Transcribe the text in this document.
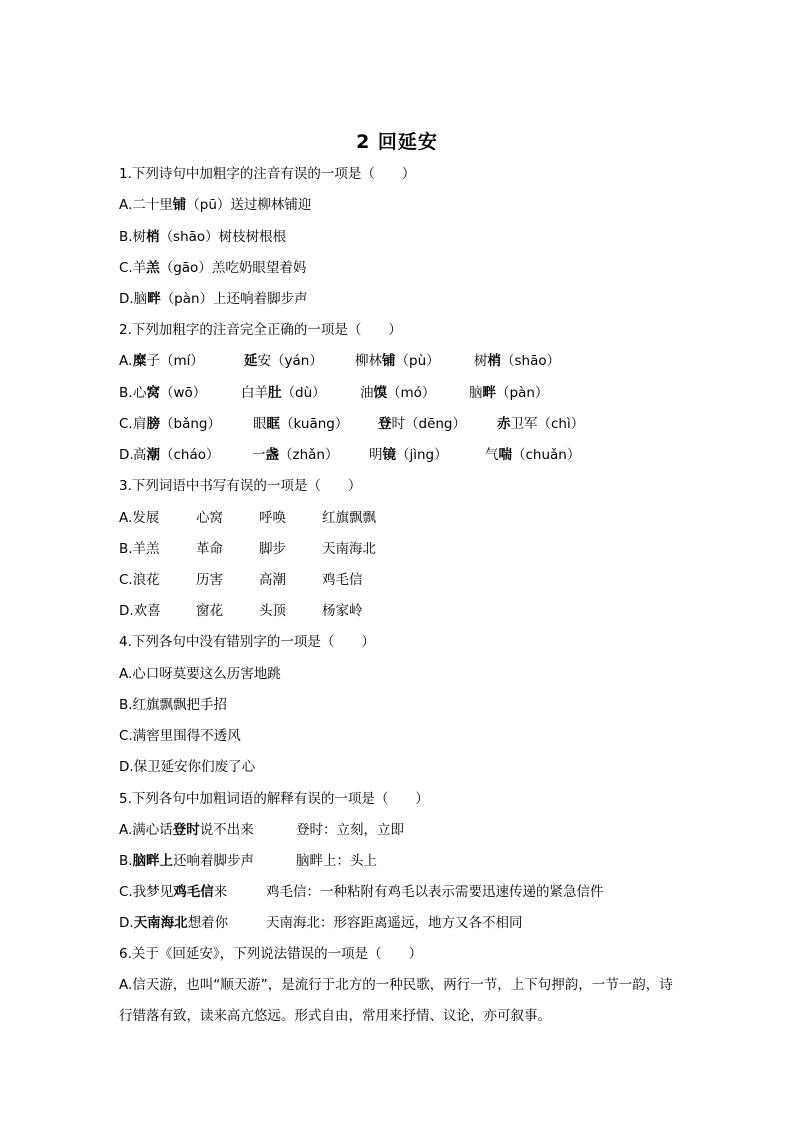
2 回延安
1.下列诗句中加粗字的注音有误的一项是（　　）
A.二十里铺（pū）送过柳林铺迎
B.树梢（shāo）树枝树根根
C.羊羔（gāo）羔吃奶眼望着妈
D.脑畔（pàn）上还响着脚步声
2.下列加粗字的注音完全正确的一项是（　　）
A. 糜子（mí）	延安（yán） 柳林铺（pù）	树梢（shāo）
B. 心窝（wō）	白羊肚（dù）	油馍（mó） 脑畔（pàn）
C. 肩膀（bǎng） 眼眶（kuāng） 登时（dēng） 赤卫军（chì）
D. 高潮（cháo） 一盏（zhǎn） 明镜（jìng）	气喘（chuǎn）
3.下列词语中书写有误的一项是（　　）
A.发展	心窝	呼唤	红旗飘飘
B.羊羔	革命	脚步	天南海北
C.浪花	历害	高潮	鸡毛信
D.欢喜	窗花	头顶	杨家岭
4.下列各句中没有错别字的一项是（　　）
A.心口呀莫要这么历害地跳
B.红旗飘飘把手招
C.满窖里围得不透风
D.保卫延安你们废了心
5.下列各句中加粗词语的解释有误的一项是（　　）
A.满心话登时说不出来	登时：立刻，立即
B.脑畔上还响着脚步声	脑畔上：头上
C.我梦见鸡毛信来	鸡毛信：一种粘附有鸡毛以表示需要迅速传递的紧急信件
D.天南海北想着你	天南海北：形容距离遥远，地方又各不相同
6.关于《回延安》，下列说法错误的一项是（　　）
A.信天游，也叫“顺天游”，是流行于北方的一种民歌，两行一节，上下句押韵，一节一韵，诗行错落有致，读来高亢悠远。形式自由，常用来抒情、议论，亦可叙事。
